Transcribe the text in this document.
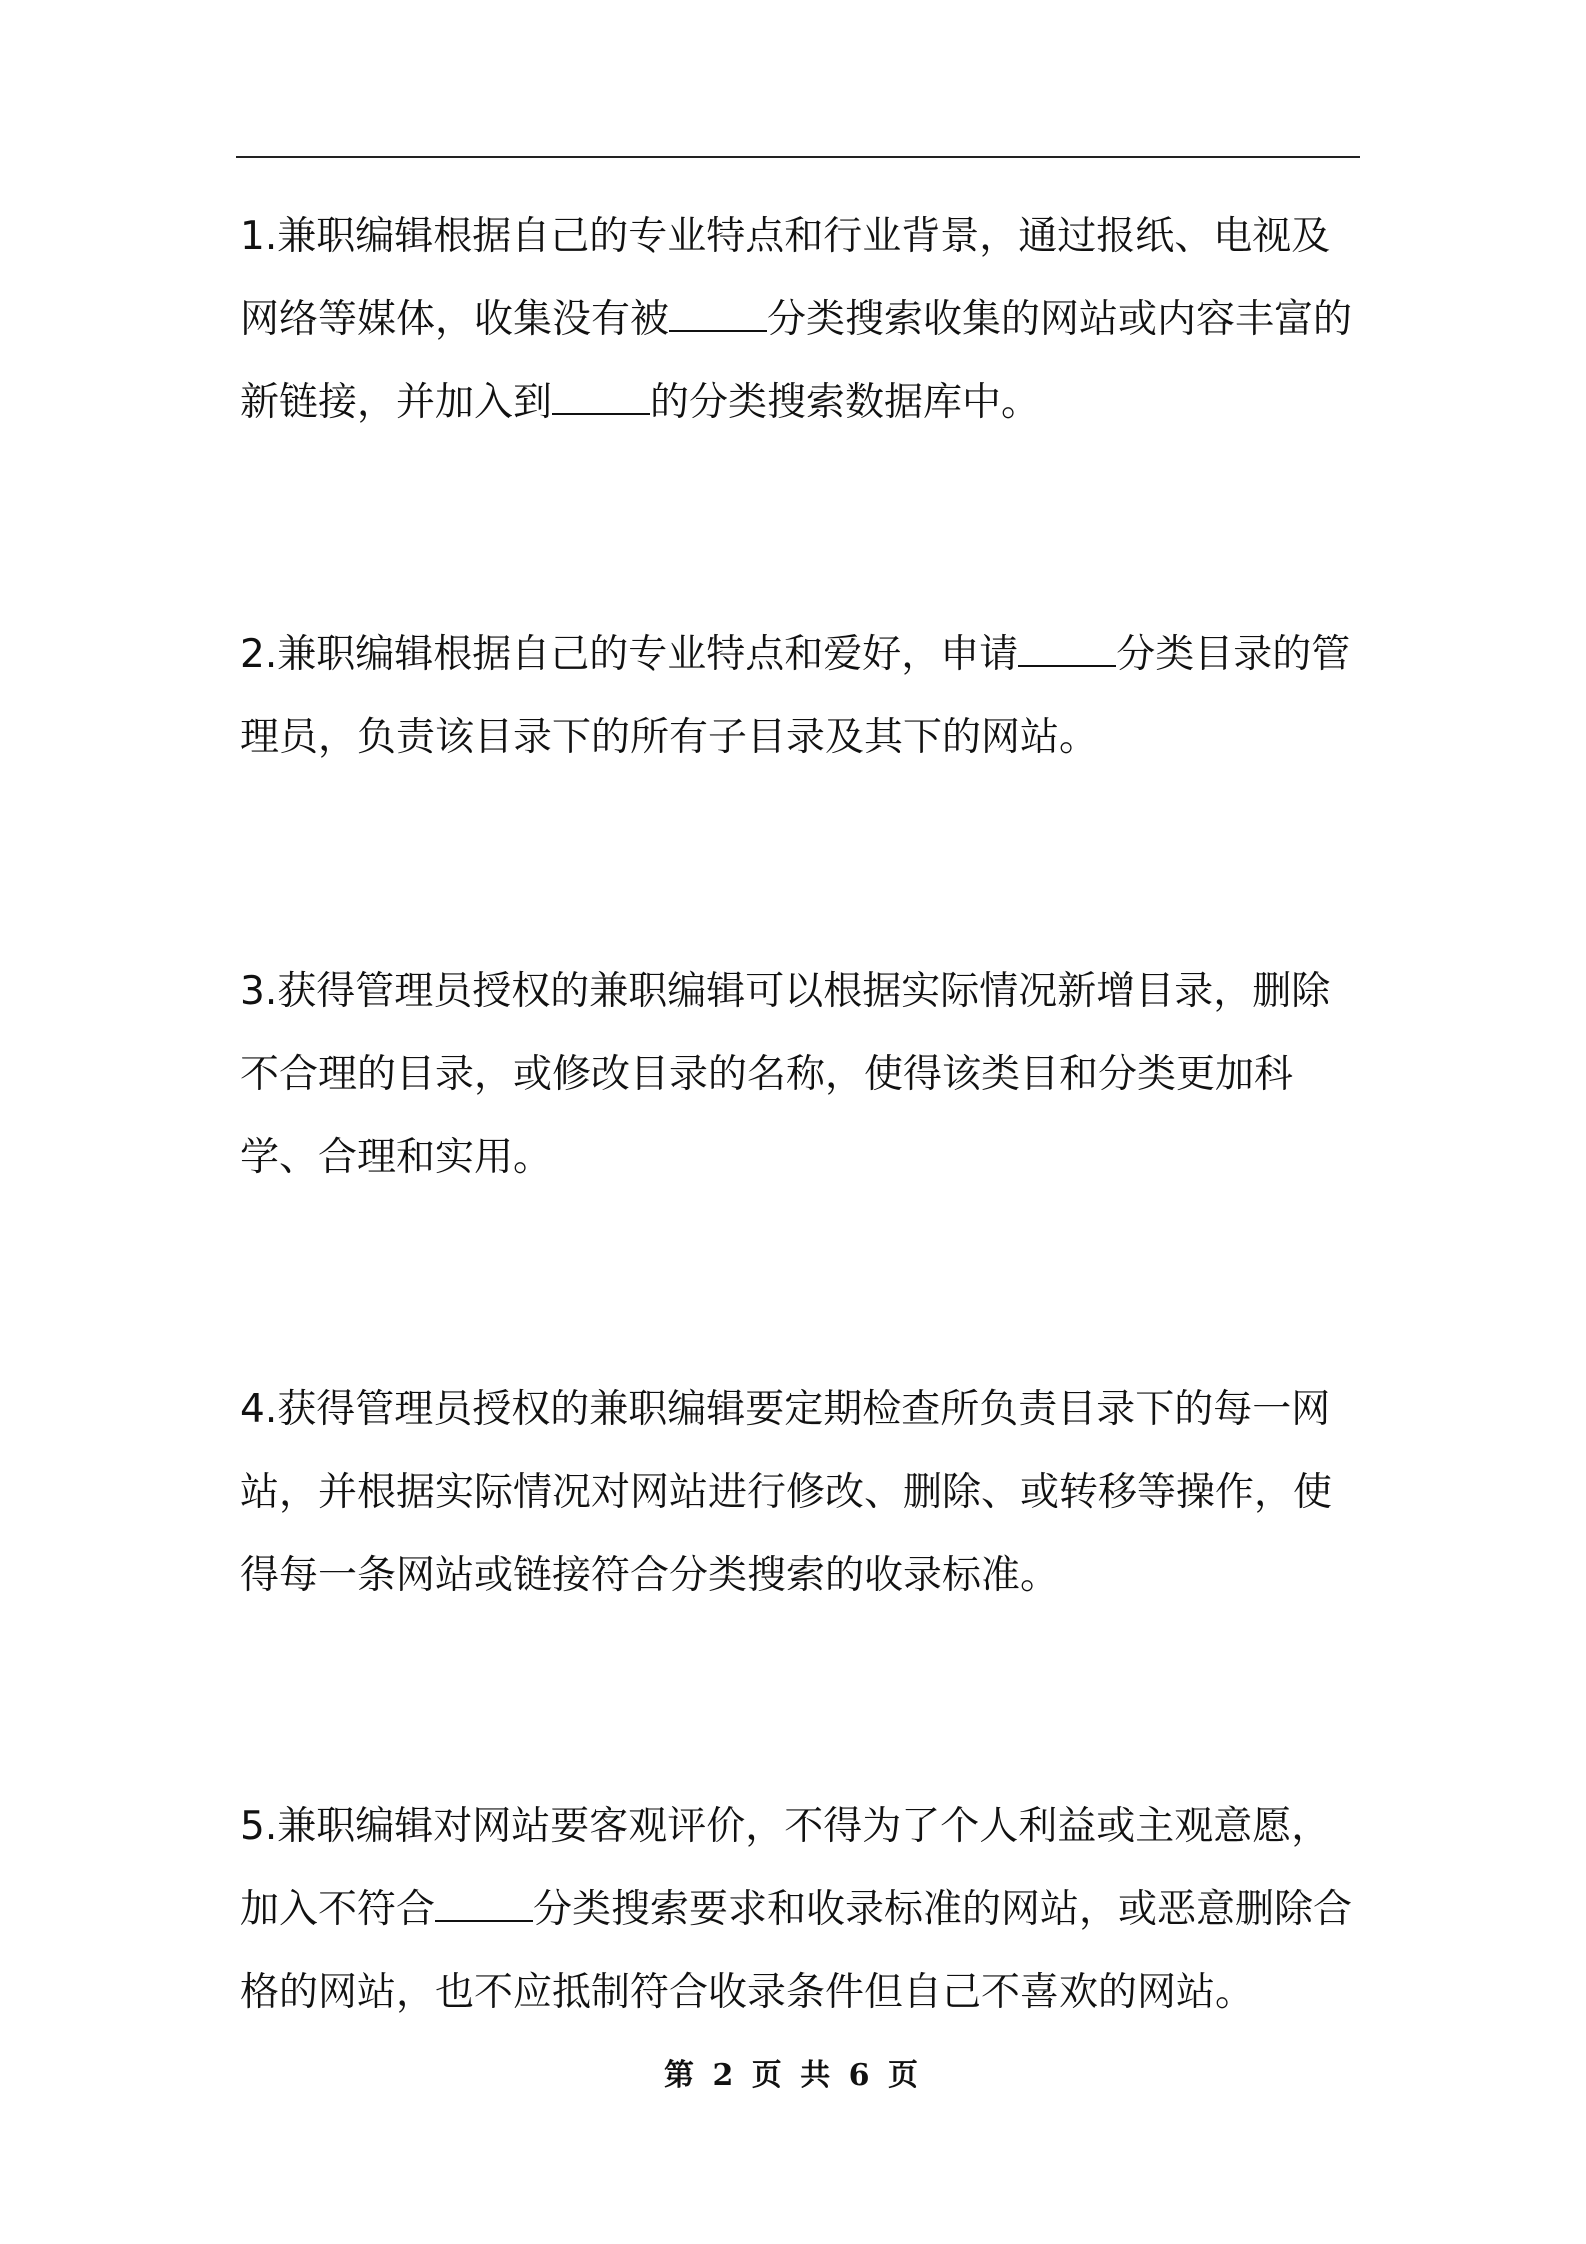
1.兼职编辑根据自己的专业特点和行业背景，通过报纸、电视及网络等媒体，收集没有被	分类搜索收集的网站或内容丰富的新链接，并加入到	的分类搜索数据库中。

2.兼职编辑根据自己的专业特点和爱好，申请	分类目录的管理员，负责该目录下的所有子目录及其下的网站。

3.获得管理员授权的兼职编辑可以根据实际情况新增目录，删除不合理的目录，或修改目录的名称，使得该类目和分类更加科学、合理和实用。

4.获得管理员授权的兼职编辑要定期检查所负责目录下的每一网站，并根据实际情况对网站进行修改、删除、或转移等操作，使得每一条网站或链接符合分类搜索的收录标准。

5.兼职编辑对网站要客观评价，不得为了个人利益或主观意愿，加入不符合	分类搜索要求和收录标准的网站，或恶意删除合格的网站，也不应抵制符合收录条件但自己不喜欢的网站。

第 2 页 共 6 页
